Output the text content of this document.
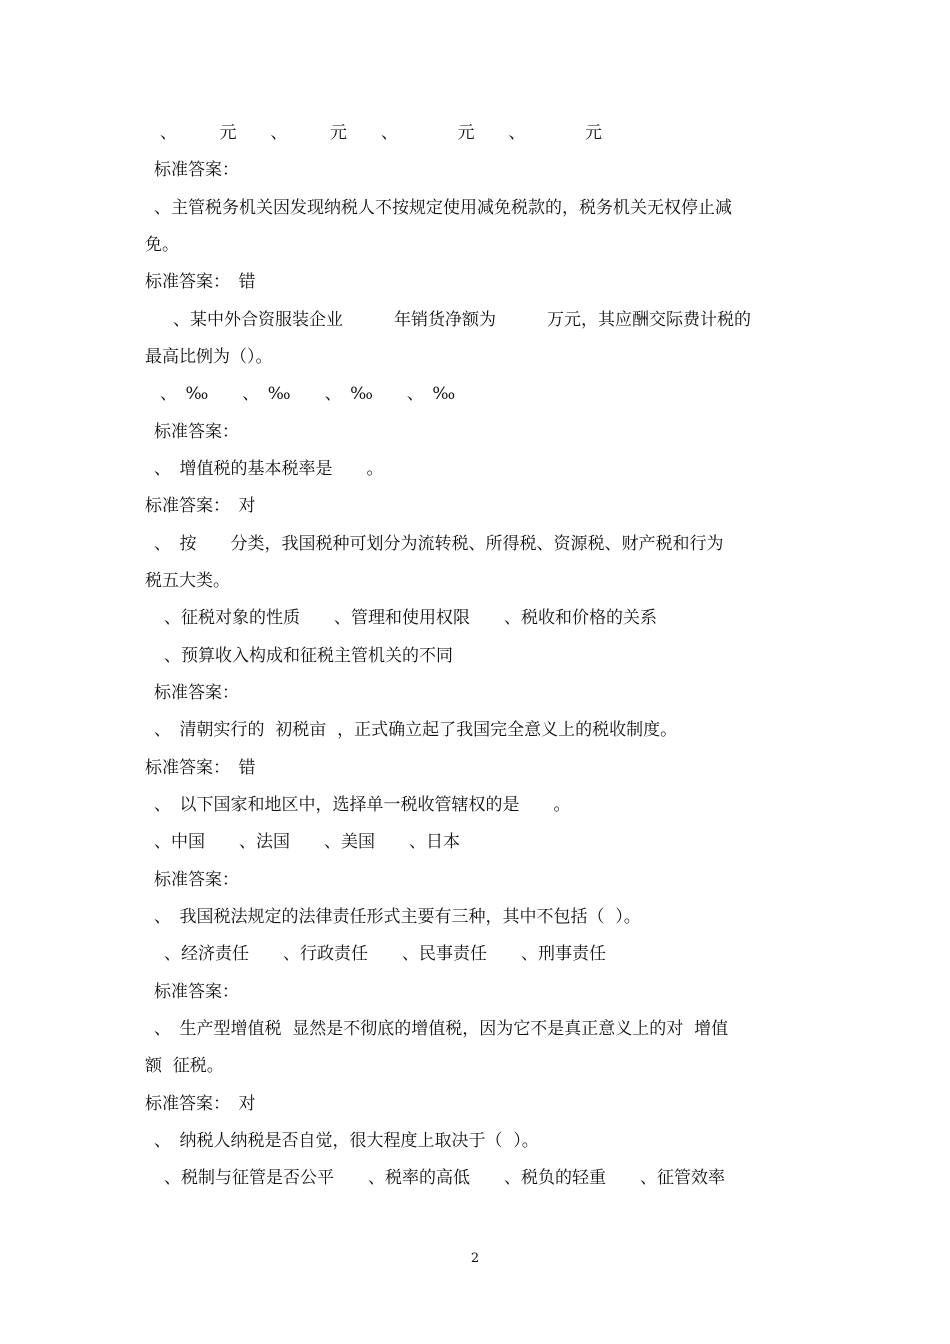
、　　　元　　、　　　元　　、　　　　元　　、　　　　元
标准答案：
、主管税务机关因发现纳税人不按规定使用减免税款的，税务机关无权停止减
免。
标准答案：　错
、某中外合资服装企业　　　年销货净额为　　　万元，其应酬交际费计税的
最高比例为（）。
、　‰　　、　‰　　、　‰　　、　‰
标准答案：
、　增值税的基本税率是　　。
标准答案：　对
、　按　　分类，我国税种可划分为流转税、所得税、资源税、财产税和行为
税五大类。
、征税对象的性质　　、管理和使用权限　　、税收和价格的关系
、预算收入构成和征税主管机关的不同
标准答案：
、　清朝实行的  初税亩  ，正式确立起了我国完全意义上的税收制度。
标准答案：　错
、　以下国家和地区中，选择单一税收管辖权的是　　。
、中国　　、法国　　、美国　　、日本
标准答案：
、　我国税法规定的法律责任形式主要有三种，其中不包括（  ）。
、经济责任　　、行政责任　　、民事责任　　、刑事责任
标准答案：
、　生产型增值税  显然是不彻底的增值税，因为它不是真正意义上的对  增值
额  征税。
标准答案：　对
、　纳税人纳税是否自觉，很大程度上取决于（  ）。
、税制与征管是否公平　　、税率的高低　　、税负的轻重　　、征管效率
2
